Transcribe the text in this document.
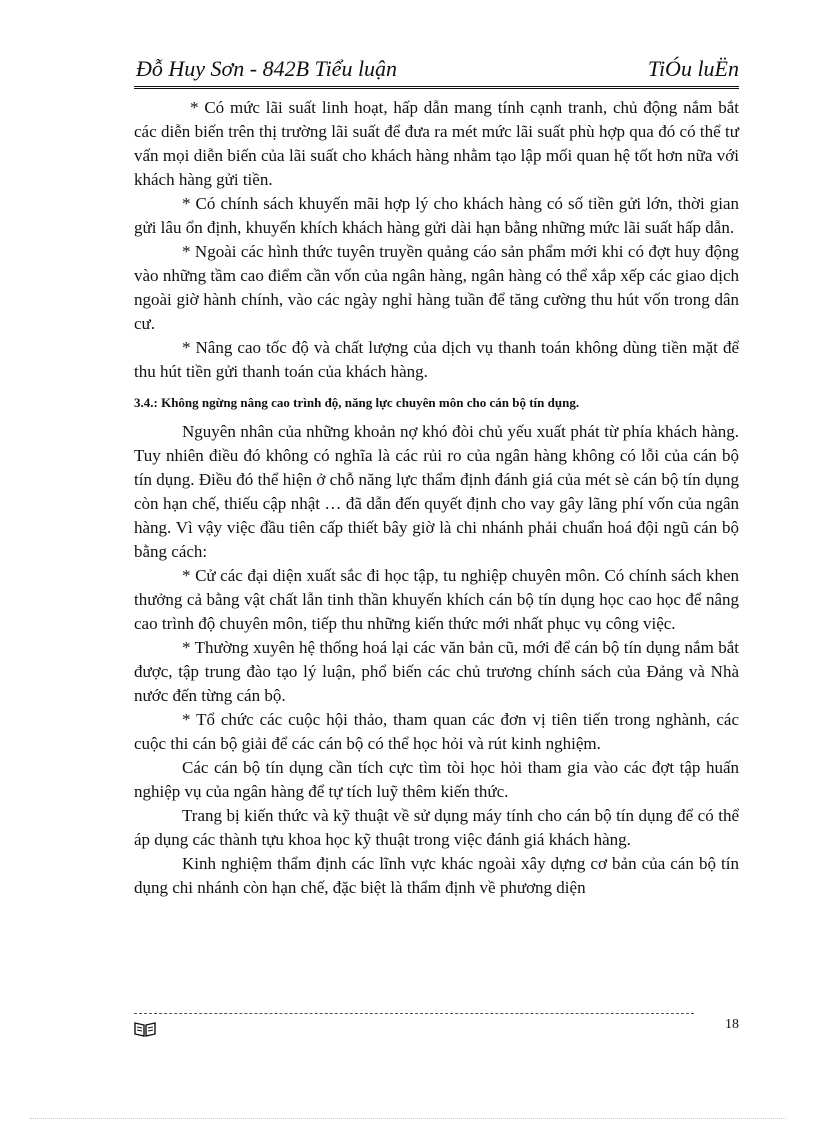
Đỗ Huy Sơn - 842B Tiểu luận	TiÓu luËn

* Có mức lãi suất linh hoạt, hấp dẫn mang tính cạnh tranh, chủ động nắm bắt các diễn biến trên thị trường lãi suất để đưa ra mét mức lãi suất phù hợp qua đó có thể tư vấn mọi diễn biến của lãi suất cho khách hàng nhằm tạo lập mối quan hệ tốt hơn nữa với khách hàng gửi tiền.

* Có chính sách khuyến mãi hợp lý cho khách hàng có số tiền gửi lớn, thời gian gửi lâu ổn định, khuyến khích khách hàng gửi dài hạn bằng những mức lãi suất hấp dẫn.

* Ngoài các hình thức tuyên truyền quảng cáo sản phẩm mới khi có đợt huy động vào những tầm cao điểm cần vốn của ngân hàng, ngân hàng có thể xắp xếp các giao dịch ngoài giờ hành chính, vào các ngày nghỉ hàng tuần để tăng cường thu hút vốn trong dân cư.

* Nâng cao tốc độ và chất lượng của dịch vụ thanh toán không dùng tiền mặt để thu hút tiền gửi thanh toán của khách hàng.

3.4.: Không ngừng nâng cao trình độ, năng lực chuyên môn cho cán bộ tín dụng.

Nguyên nhân của những khoản nợ khó đòi chủ yếu xuất phát từ phía khách hàng. Tuy nhiên điều đó không có nghĩa là các rủi ro của ngân hàng không có lỗi của cán bộ tín dụng. Điều đó thể hiện ở chỗ năng lực thẩm định đánh giá của mét sè cán bộ tín dụng còn hạn chế, thiếu cập nhật … đã dẫn đến quyết định cho vay gây lãng phí vốn của ngân hàng. Vì vậy việc đầu tiên cấp thiết bây giờ là chi nhánh phải chuẩn hoá đội ngũ cán bộ bằng cách:

* Cử các đại diện xuất sắc đi học tập, tu nghiệp chuyên môn. Có chính sách khen thưởng cả bằng vật chất lẫn tinh thần khuyến khích cán bộ tín dụng học cao học để nâng cao trình độ chuyên môn, tiếp thu những kiến thức mới nhất phục vụ công việc.

* Thường xuyên hệ thống hoá lại các văn bản cũ, mới để cán bộ tín dụng nắm bắt được, tập trung đào tạo lý luận, phổ biến các chủ trương chính sách của Đảng và Nhà nước đến từng cán bộ.

* Tổ chức các cuộc hội thảo, tham quan các đơn vị tiên tiến trong nghành, các cuộc thi cán bộ giải để các cán bộ có thể học hỏi và rút kinh nghiệm.

Các cán bộ tín dụng cần tích cực tìm tòi học hỏi tham gia vào các đợt tập huấn nghiệp vụ của ngân hàng để tự tích luỹ thêm kiến thức.

Trang bị kiến thức và kỹ thuật về sử dụng máy tính cho cán bộ tín dụng để có thể áp dụng các thành tựu khoa học kỹ thuật trong việc đánh giá khách hàng.

Kinh nghiệm thẩm định các lĩnh vực khác ngoài xây dựng cơ bản của cán bộ tín dụng chi nhánh còn hạn chế, đặc biệt là thẩm định về phương diện

18
